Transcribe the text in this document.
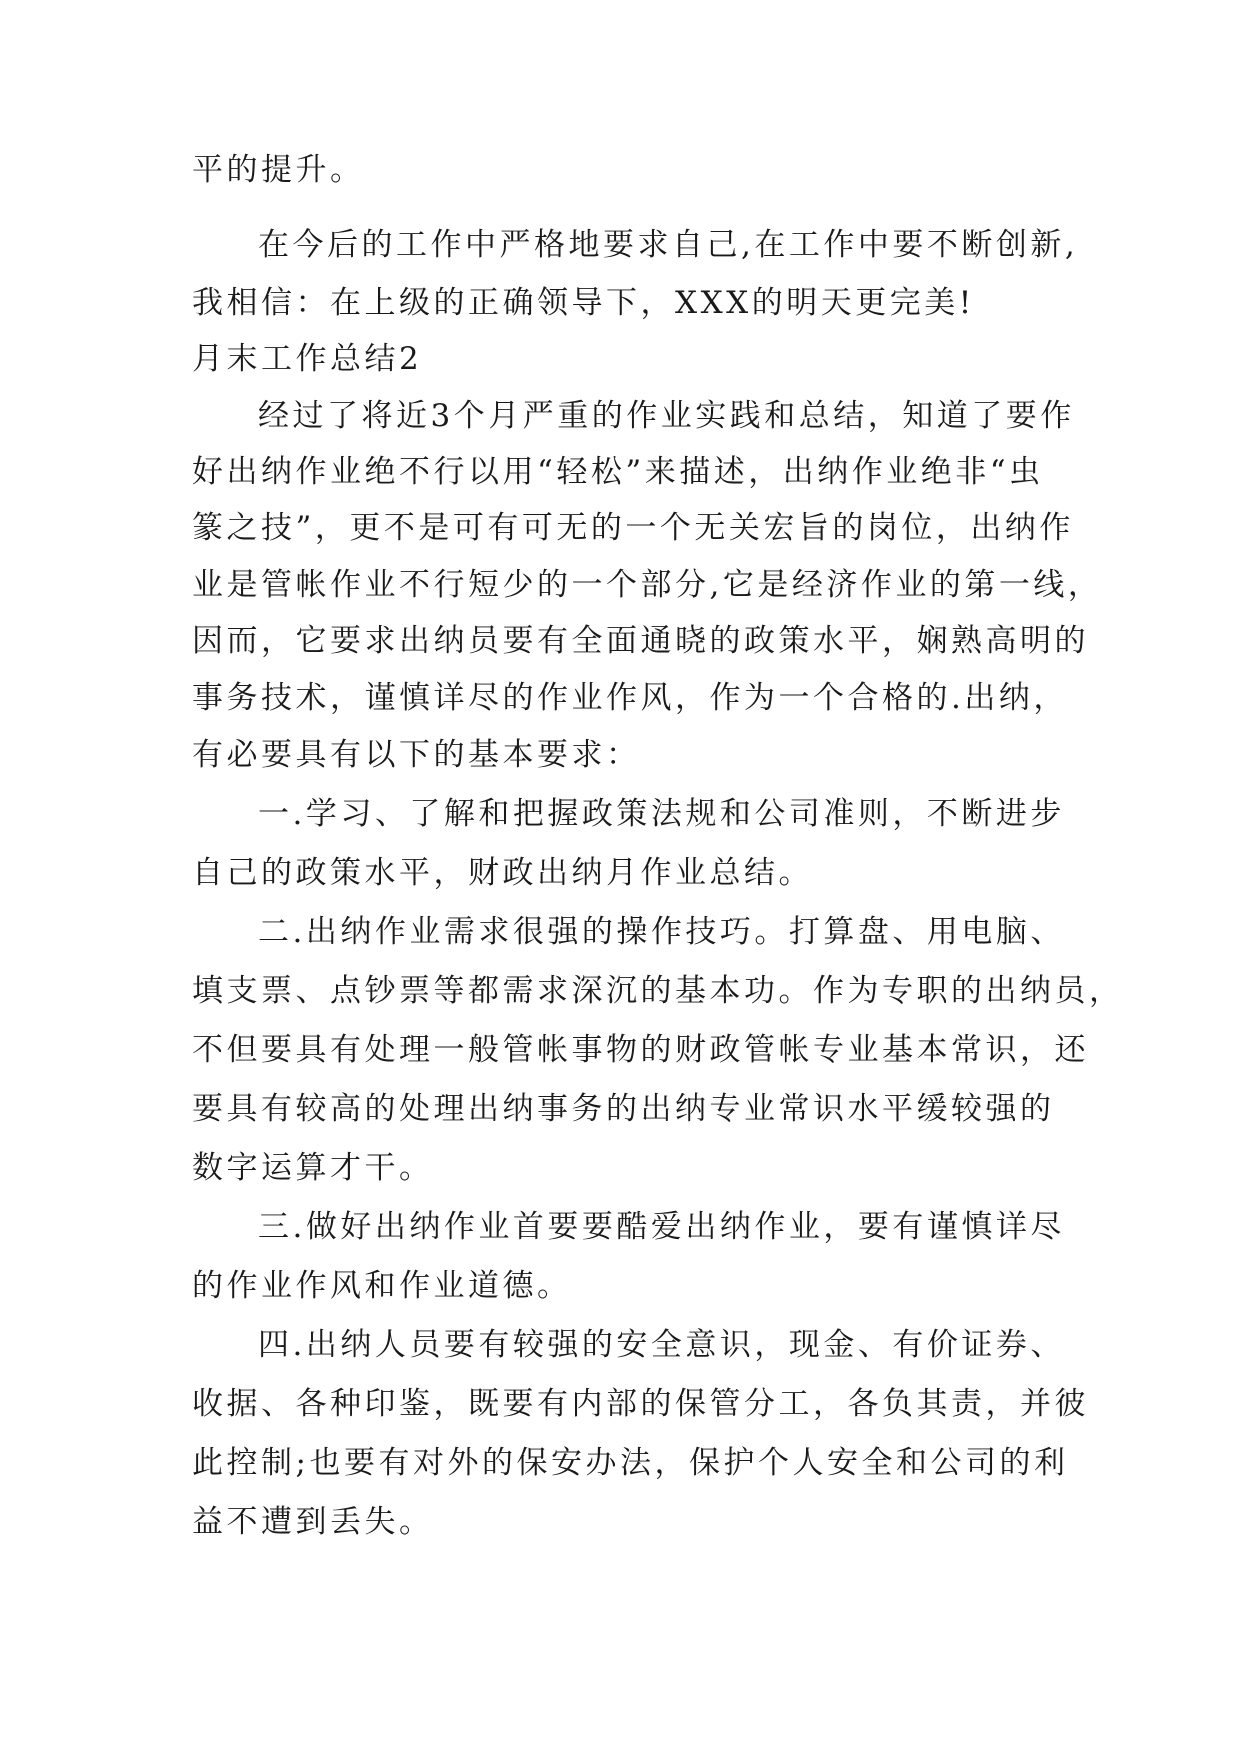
平的提升。
在今后的工作中严格地要求自己,在工作中要不断创新,
我相信：在上级的正确领导下，XXX的明天更完美!
月末工作总结2
经过了将近3个月严重的作业实践和总结，知道了要作
好出纳作业绝不行以用“轻松”来描述，出纳作业绝非“虫
篆之技”，更不是可有可无的一个无关宏旨的岗位，出纳作
业是管帐作业不行短少的一个部分,它是经济作业的第一线，
因而，它要求出纳员要有全面通晓的政策水平，娴熟高明的
事务技术，谨慎详尽的作业作风，作为一个合格的.出纳，
有必要具有以下的基本要求：
一.学习、了解和把握政策法规和公司准则，不断进步
自己的政策水平，财政出纳月作业总结。
二.出纳作业需求很强的操作技巧。打算盘、用电脑、
填支票、点钞票等都需求深沉的基本功。作为专职的出纳员，
不但要具有处理一般管帐事物的财政管帐专业基本常识，还
要具有较高的处理出纳事务的出纳专业常识水平缓较强的
数字运算才干。
三.做好出纳作业首要要酷爱出纳作业，要有谨慎详尽
的作业作风和作业道德。
四.出纳人员要有较强的安全意识，现金、有价证券、
收据、各种印鉴，既要有内部的保管分工，各负其责，并彼
此控制;也要有对外的保安办法，保护个人安全和公司的利
益不遭到丢失。
